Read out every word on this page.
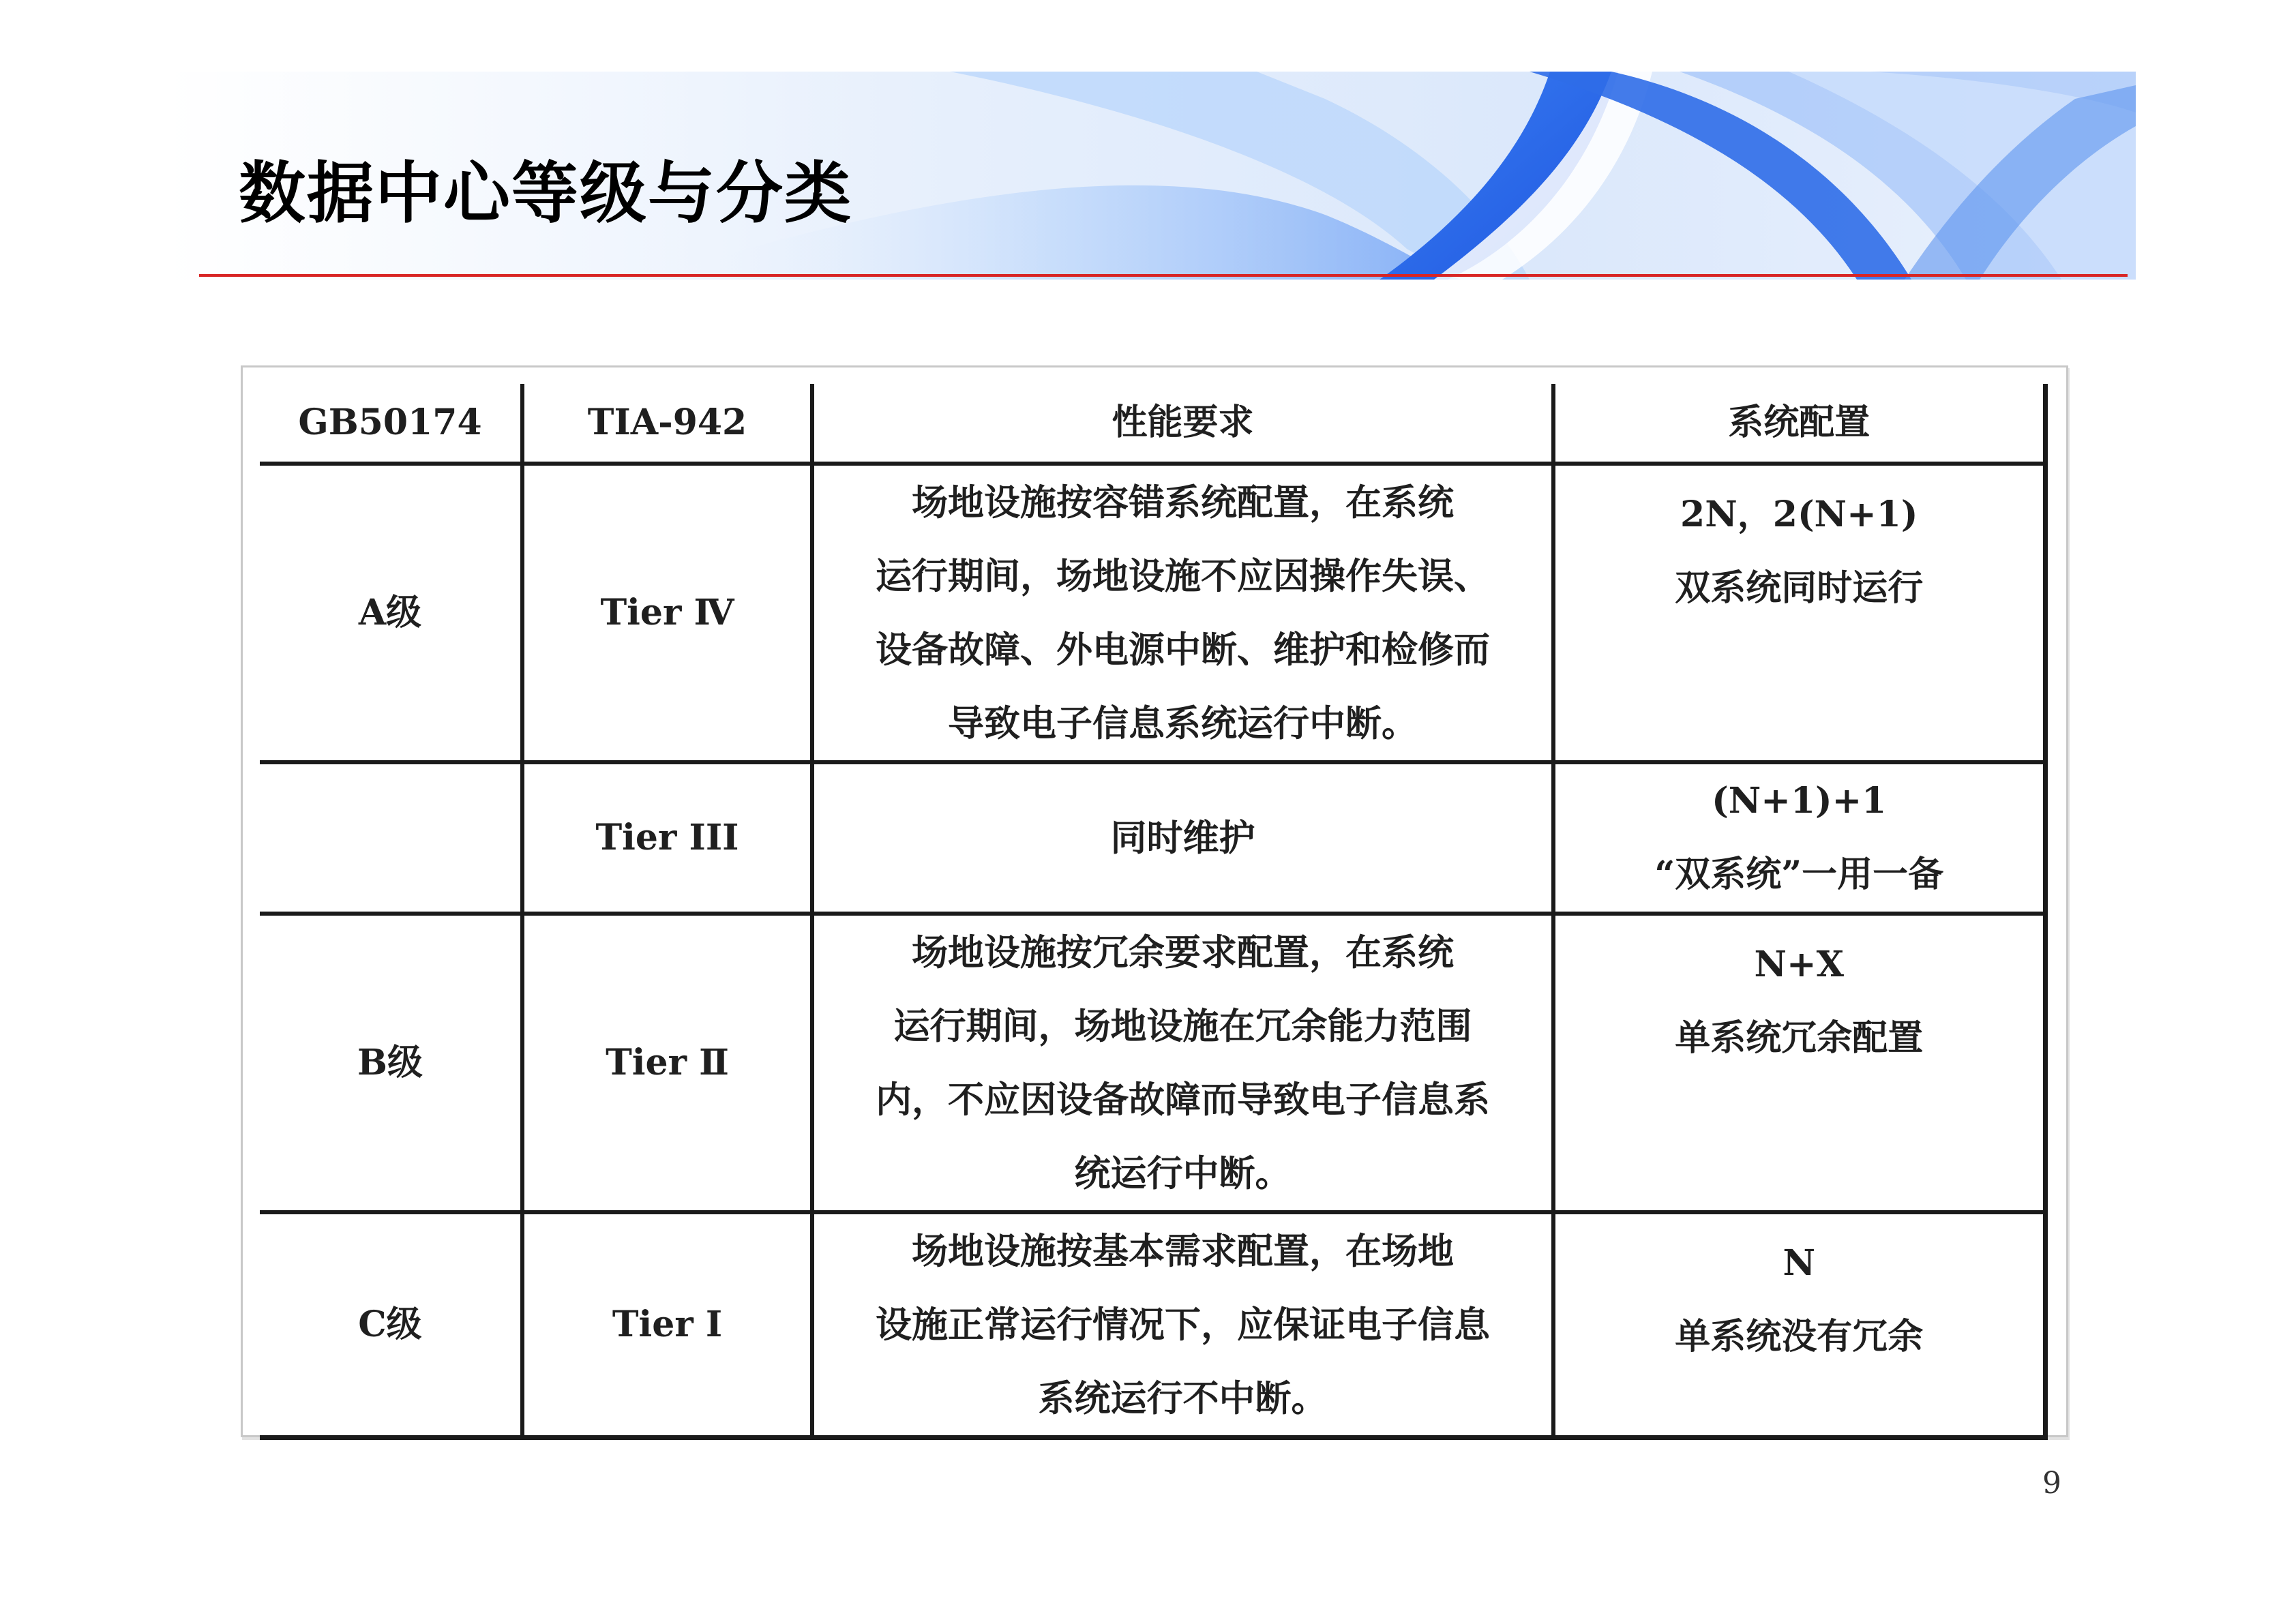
数据中心等级与分类
GB50174	TIA-942	性能要求	系统配置
A级	Tier Ⅳ	场地设施按容错系统配置，在系统
运行期间，场地设施不应因操作失误、
设备故障、外电源中断、维护和检修而
导致电子信息系统运行中断。	2N，2(N+1)
双系统同时运行

	Tier III	同时维护	(N+1)+1
“双系统”一用一备

B级	Tier Ⅱ	场地设施按冗余要求配置，在系统
运行期间，场地设施在冗余能力范围
内，不应因设备故障而导致电子信息系
统运行中断。	N+X
单系统冗余配置

C级	Tier Ⅰ	场地设施按基本需求配置，在场地
设施正常运行情况下，应保证电子信息
系统运行不中断。	N
单系统没有冗余
9
